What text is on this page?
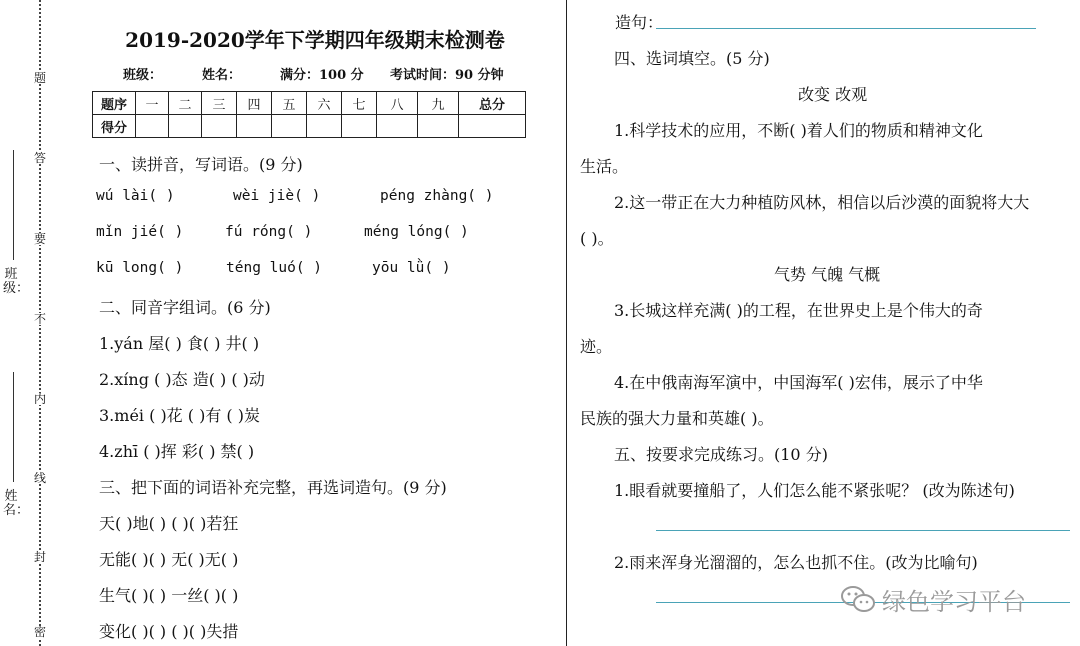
题
答
要
不
内
线
封
密
班级：
姓名：
2019-2020学年下学期四年级期末检测卷
班级：	姓名：	满分：100 分 考试时间：90 分钟
题序	一	二	三	四	五	六	七	八	九	总分
得分										
一、读拼音，写词语。(9 分)
wú lài( )	wèi jiè( )	péng zhàng( )
mǐn jié( )	fú róng( )	méng lóng( )
kū long( )	téng luó( )	yōu lǜ( )
二、同音字组词。(6 分)
1.yán 屋( ) 食( ) 井( )
2.xíng ( )态 造( ) ( )动
3.méi ( )花 ( )有 ( )炭
4.zhī ( )挥 彩( ) 禁( )
三、把下面的词语补充完整，再选词造句。(9 分)
天( )地( ) ( )( )若狂
无能( )( ) 无( )无( )
生气( )( ) 一丝( )( )
变化( )( ) ( )( )失措
造句：
四、选词填空。(5 分)
改变 改观
1.科学技术的应用，不断( )着人们的物质和精神文化
生活。
2.这一带正在大力种植防风林，相信以后沙漠的面貌将大大
( )。
气势 气魄 气概
3.长城这样充满( )的工程，在世界史上是个伟大的奇
迹。
4.在中俄南海军演中，中国海军( )宏伟，展示了中华
民族的强大力量和英雄( )。
五、按要求完成练习。(10 分)
1.眼看就要撞船了，人们怎么能不紧张呢？ (改为陈述句)
2.雨来浑身光溜溜的，怎么也抓不住。(改为比喻句)
绿色学习平台
